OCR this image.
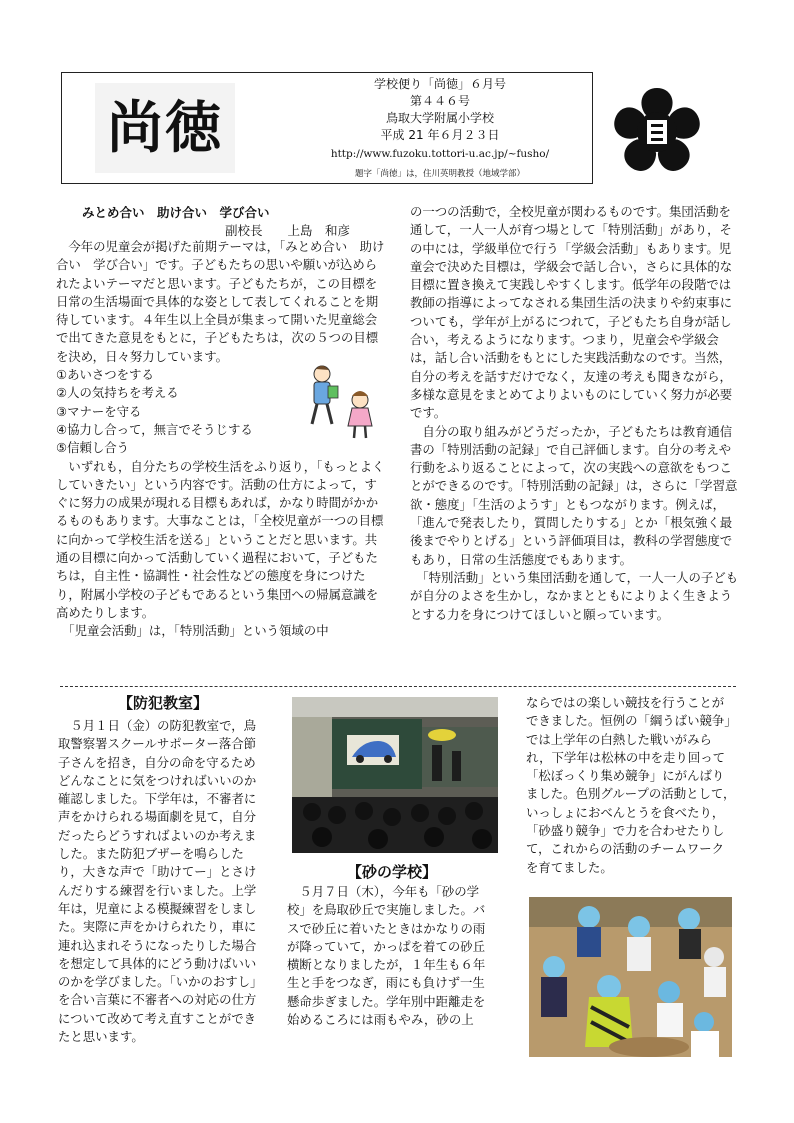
尚徳
学校便り「尚徳」６月号
第４４６号
鳥取大学附属小学校
平成 21 年６月２３日
http://www.fuzoku.tottori-u.ac.jp/~fusho/
題字「尚徳」は，住川英明教授（地域学部）
みとめ合い　助け合い　学び合い
副校長　　上島　和彦

　今年の児童会が掲げた前期テーマは，「みとめ合い　助け合い　学び合い」です。子どもたちの思いや願いが込められたよいテーマだと思います。子どもたちが，この目標を日常の生活場面で具体的な姿として表してくれることを期待しています。４年生以上全員が集まって開いた児童総会で出てきた意見をもとに，子どもたちは，次の５つの目標を決め，日々努力しています。

①あいさつをする
②人の気持ちを考える
③マナーを守る
④協力し合って，無言でそうじする
⑤信頼し合う

　いずれも，自分たちの学校生活をふり返り，「もっとよくしていきたい」という内容です。活動の仕方によって，すぐに努力の成果が現れる目標もあれば，かなり時間がかかるものもあります。大事なことは，「全校児童が一つの目標に向かって学校生活を送る」ということだと思います。共通の目標に向かって活動していく過程において，子どもたちは，自主性・協調性・社会性などの態度を身につけたり，附属小学校の子どもであるという集団への帰属意識を高めたりします。

　「児童会活動」は，「特別活動」という領域の中

の一つの活動で，全校児童が関わるものです。集団活動を通して，一人一人が育つ場として「特別活動」があり，その中には，学級単位で行う「学級会活動」もあります。児童会で決めた目標は，学級会で話し合い，さらに具体的な目標に置き換えて実践しやすくします。低学年の段階では教師の指導によってなされる集団生活の決まりや約束事についても，学年が上がるにつれて，子どもたち自身が話し合い，考えるようになります。つまり，児童会や学級会は，話し合い活動をもとにした実践活動なのです。当然，自分の考えを話すだけでなく，友達の考えも聞きながら，多様な意見をまとめてよりよいものにしていく努力が必要です。

　自分の取り組みがどうだったか，子どもたちは教育通信書の「特別活動の記録」で自己評価します。自分の考えや行動をふり返ることによって，次の実践への意欲をもつことができるのです。「特別活動の記録」は，さらに「学習意欲・態度」「生活のようす」ともつながります。例えば，「進んで発表したり，質問したりする」とか「根気強く最後までやりとげる」という評価項目は，教科の学習態度でもあり，日常の生活態度でもあります。

　「特別活動」という集団活動を通して，一人一人の子どもが自分のよさを生かし，なかまとともによりよく生きようとする力を身につけてほしいと願っています。

【防犯教室】
　５月１日（金）の防犯教室で，鳥取警察署スクールサポーター落合節子さんを招き，自分の命を守るためどんなことに気をつければいいのか確認しました。下学年は，不審者に声をかけられる場面劇を見て，自分だったらどうすればよいのか考えました。また防犯ブザーを鳴らしたり，大きな声で「助けてー」とさけんだりする練習を行いました。上学年は，児童による模擬練習をしました。実際に声をかけられたり，車に連れ込まれそうになったりした場合を想定して具体的にどう動けばいいのかを学びました。「いかのおすし」を合い言葉に不審者への対応の仕方について改めて考え直すことができたと思います。
【砂の学校】
　５月７日（木），今年も「砂の学校」を鳥取砂丘で実施しました。バスで砂丘に着いたときはかなりの雨が降っていて，かっぱを着ての砂丘横断となりましたが，１年生も６年生と手をつなぎ，雨にも負けず一生懸命歩ぎました。学年別中距離走を始めるころには雨もやみ，砂の上
ならではの楽しい競技を行うことができました。恒例の「綱うばい競争」では上学年の白熱した戦いがみられ，下学年は松林の中を走り回って「松ぼっくり集め競争」にがんばりました。色別グループの活動として，いっしょにおべんとうを食べたり，「砂盛り競争」で力を合わせたりして，これからの活動のチームワークを育てました。
